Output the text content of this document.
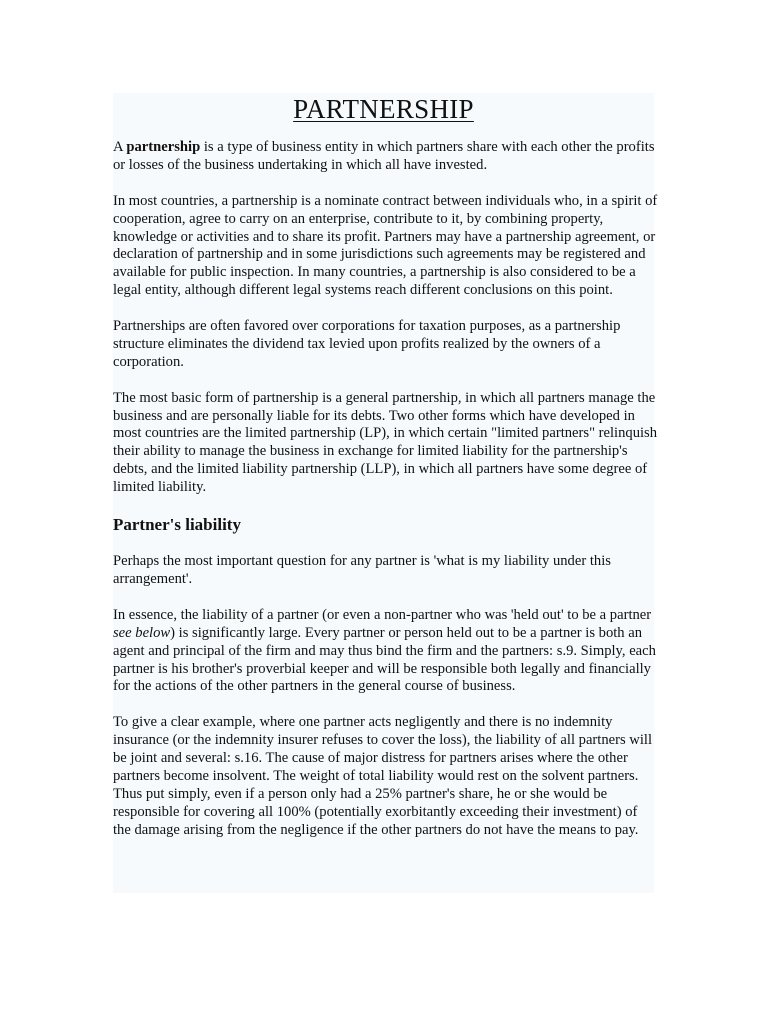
PARTNERSHIP

A partnership is a type of business entity in which partners share with each other the profits or losses of the business undertaking in which all have invested.

In most countries, a partnership is a nominate contract between individuals who, in a spirit of cooperation, agree to carry on an enterprise, contribute to it, by combining property, knowledge or activities and to share its profit. Partners may have a partnership agreement, or declaration of partnership and in some jurisdictions such agreements may be registered and available for public inspection. In many countries, a partnership is also considered to be a legal entity, although different legal systems reach different conclusions on this point.

Partnerships are often favored over corporations for taxation purposes, as a partnership structure eliminates the dividend tax levied upon profits realized by the owners of a corporation.

The most basic form of partnership is a general partnership, in which all partners manage the business and are personally liable for its debts. Two other forms which have developed in most countries are the limited partnership (LP), in which certain "limited partners" relinquish their ability to manage the business in exchange for limited liability for the partnership's debts, and the limited liability partnership (LLP), in which all partners have some degree of limited liability.

Partner's liability

Perhaps the most important question for any partner is 'what is my liability under this arrangement'.

In essence, the liability of a partner (or even a non-partner who was 'held out' to be a partner see below) is significantly large. Every partner or person held out to be a partner is both an agent and principal of the firm and may thus bind the firm and the partners: s.9. Simply, each partner is his brother's proverbial keeper and will be responsible both legally and financially for the actions of the other partners in the general course of business.

To give a clear example, where one partner acts negligently and there is no indemnity insurance (or the indemnity insurer refuses to cover the loss), the liability of all partners will be joint and several: s.16. The cause of major distress for partners arises where the other partners become insolvent. The weight of total liability would rest on the solvent partners. Thus put simply, even if a person only had a 25% partner's share, he or she would be responsible for covering all 100% (potentially exorbitantly exceeding their investment) of the damage arising from the negligence if the other partners do not have the means to pay.
